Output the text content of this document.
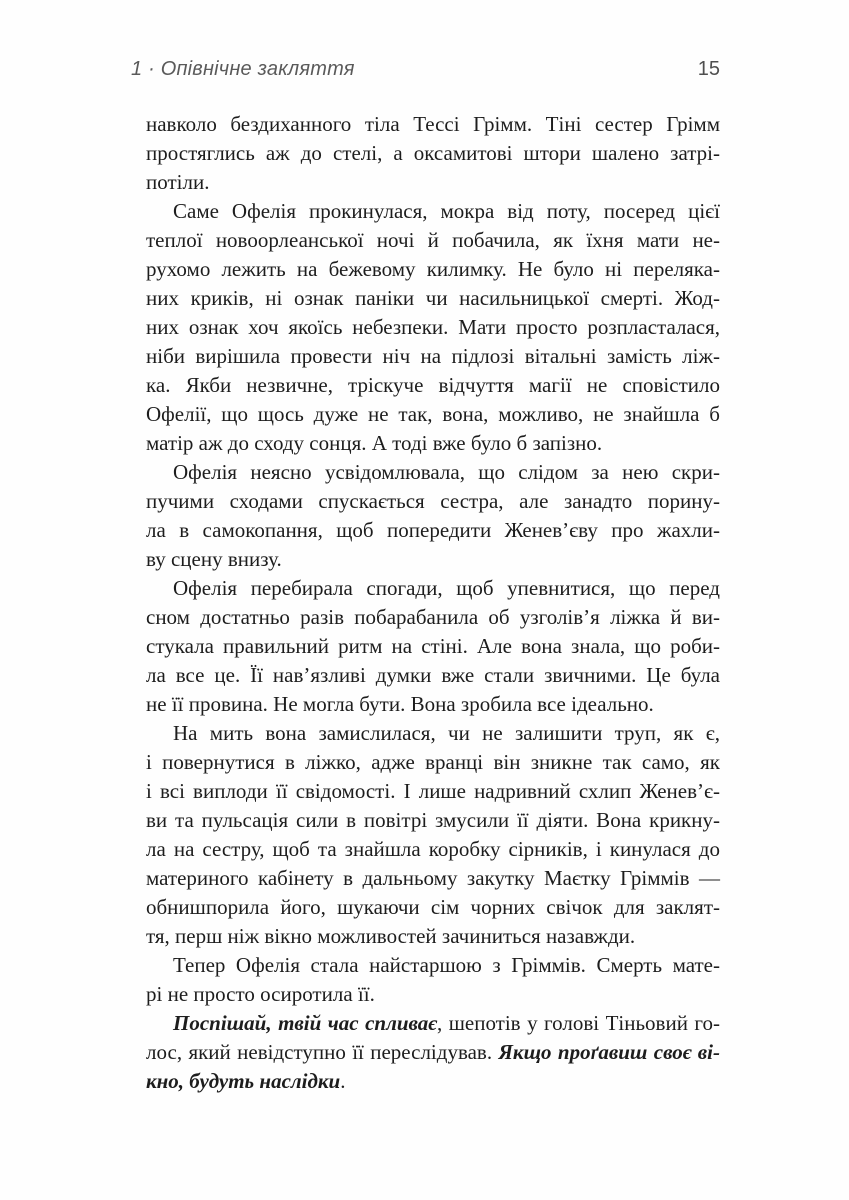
1 · Опівнічне закляття	15

навколо бездиханного тіла Тессі Грімм. Тіні сестер Грімм
простяглись аж до стелі, а оксамитові штори шалено затрі-
потіли.

Саме Офелія прокинулася, мокра від поту, посеред цієї
теплої новоорлеанської ночі й побачила, як їхня мати не-
рухомо лежить на бежевому килимку. Не було ні переляка-
них криків, ні ознак паніки чи насильницької смерті. Жод-
них ознак хоч якоїсь небезпеки. Мати просто розпласталася,
ніби вирішила провести ніч на підлозі вітальні замість ліж-
ка. Якби незвичне, тріскуче відчуття магії не сповістило
Офелії, що щось дуже не так, вона, можливо, не знайшла б
матір аж до сходу сонця. А тоді вже було б запізно.

Офелія неясно усвідомлювала, що слідом за нею скри-
пучими сходами спускається сестра, але занадто порину-
ла в самокопання, щоб попередити Женев’єву про жахли-
ву сцену внизу.

Офелія перебирала спогади, щоб упевнитися, що перед
сном достатньо разів побарабанила об узголів’я ліжка й ви-
стукала правильний ритм на стіні. Але вона знала, що роби-
ла все це. Її нав’язливі думки вже стали звичними. Це була
не її провина. Не могла бути. Вона зробила все ідеально.

На мить вона замислилася, чи не залишити труп, як є,
і повернутися в ліжко, адже вранці він зникне так само, як
і всі виплоди її свідомості. І лише надривний схлип Женев’є-
ви та пульсація сили в повітрі змусили її діяти. Вона крикну-
ла на сестру, щоб та знайшла коробку сірників, і кинулася до
материного кабінету в дальньому закутку Маєтку Гріммів —
обнишпорила його, шукаючи сім чорних свічок для заклят-
тя, перш ніж вікно можливостей зачиниться назавжди.

Тепер Офелія стала найстаршою з Гріммів. Смерть мате-
рі не просто осиротила її.

Поспішай, твій час спливає, шепотів у голові Тіньовий го-
лос, який невідступно її переслідував. Якщо проґавиш своє ві-
кно, будуть наслідки.
